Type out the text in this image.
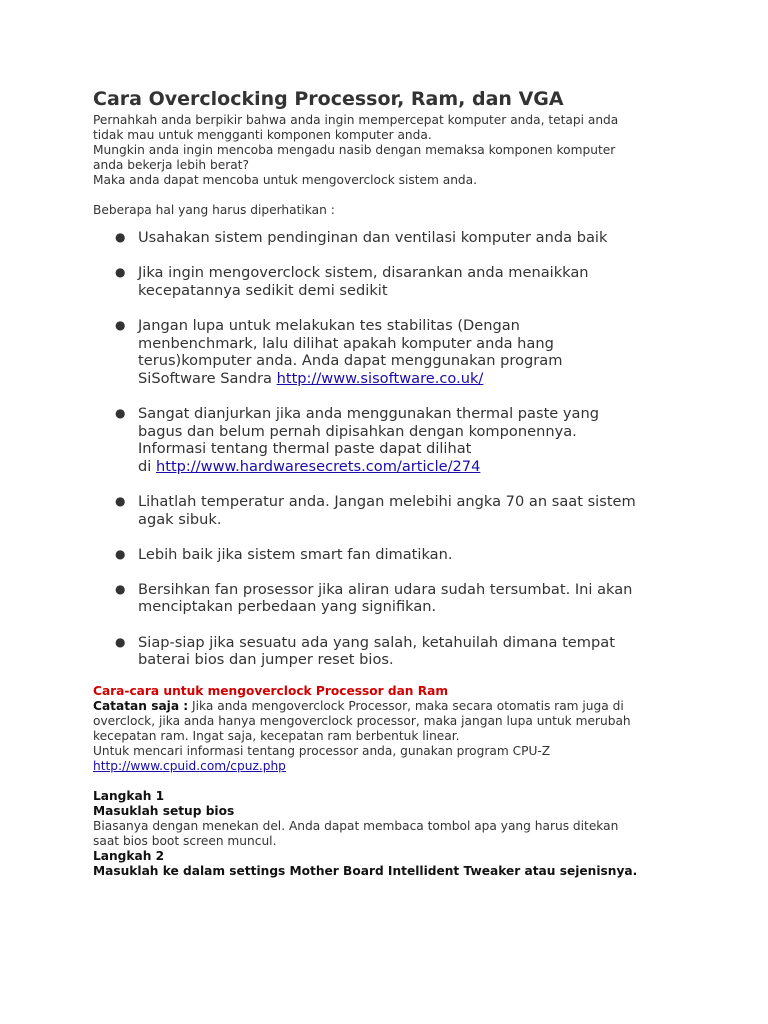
Cara Overclocking Processor, Ram, dan VGA

Pernahkah anda berpikir bahwa anda ingin mempercepat komputer anda, tetapi anda

tidak mau untuk mengganti komponen komputer anda.

Mungkin anda ingin mencoba mengadu nasib dengan memaksa komponen komputer

anda bekerja lebih berat?

Maka anda dapat mencoba untuk mengoverclock sistem anda.

Beberapa hal yang harus diperhatikan :

● Usahakan sistem pendinginan dan ventilasi komputer anda baik
● Jika ingin mengoverclock sistem, disarankan anda menaikkan
kecepatannya sedikit demi sedikit
● Jangan lupa untuk melakukan tes stabilitas (Dengan
menbenchmark, lalu dilihat apakah komputer anda hang
terus)komputer anda. Anda dapat menggunakan program
SiSoftware Sandra http://www.sisoftware.co.uk/
● Sangat dianjurkan jika anda menggunakan thermal paste yang
bagus dan belum pernah dipisahkan dengan komponennya.
Informasi tentang thermal paste dapat dilihat
di http://www.hardwaresecrets.com/article/274
● Lihatlah temperatur anda. Jangan melebihi angka 70 an saat sistem
agak sibuk.
● Lebih baik jika sistem smart fan dimatikan.
● Bersihkan fan prosessor jika aliran udara sudah tersumbat. Ini akan
menciptakan perbedaan yang signifikan.
● Siap-siap jika sesuatu ada yang salah, ketahuilah dimana tempat
baterai bios dan jumper reset bios.

Cara-cara untuk mengoverclock Processor dan Ram

Catatan saja : Jika anda mengoverclock Processor, maka secara otomatis ram juga di

overclock, jika anda hanya mengoverclock processor, maka jangan lupa untuk merubah

kecepatan ram. Ingat saja, kecepatan ram berbentuk linear.

Untuk mencari informasi tentang processor anda, gunakan program CPU-Z

http://www.cpuid.com/cpuz.php

Langkah 1

Masuklah setup bios

Biasanya dengan menekan del. Anda dapat membaca tombol apa yang harus ditekan

saat bios boot screen muncul.

Langkah 2

Masuklah ke dalam settings Mother Board Intellident Tweaker atau sejenisnya.
